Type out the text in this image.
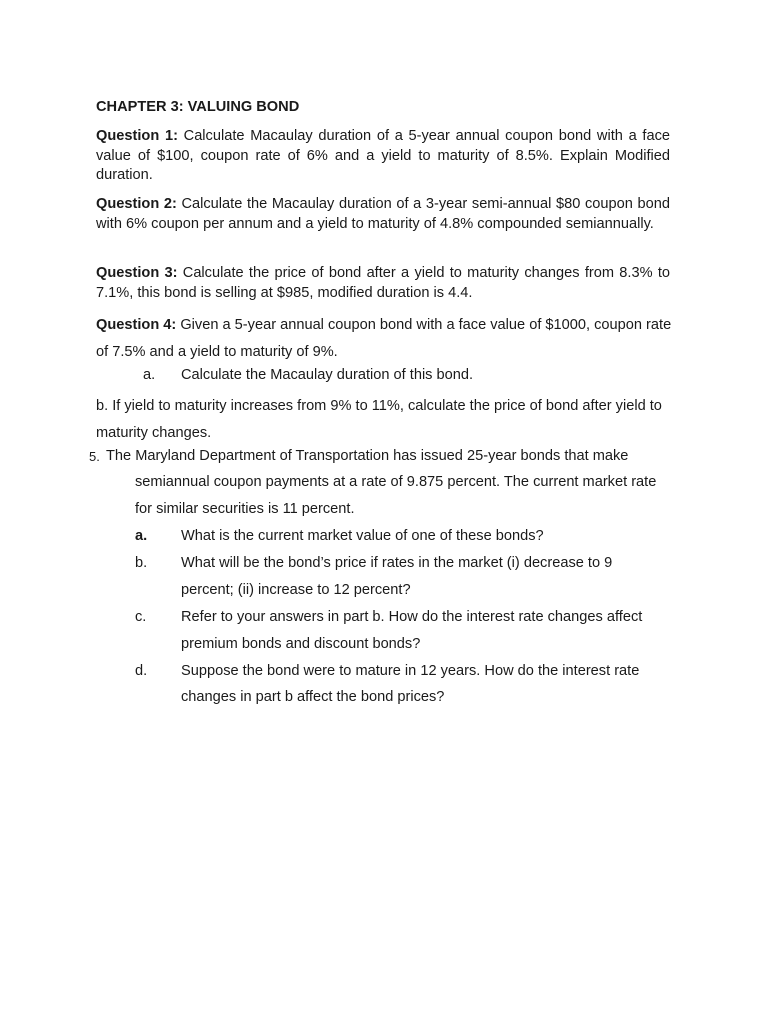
CHAPTER 3: VALUING BOND
Question 1: Calculate Macaulay duration of a 5-year annual coupon bond with a face value of $100, coupon rate of 6% and a yield to maturity of 8.5%. Explain Modified duration.
Question 2: Calculate the Macaulay duration of a 3-year semi-annual $80 coupon bond with 6% coupon per annum and a yield to maturity of 4.8% compounded semiannually.
Question 3: Calculate the price of bond after a yield to maturity changes from 8.3% to 7.1%, this bond is selling at $985, modified duration is 4.4.
Question 4: Given a 5-year annual coupon bond with a face value of $1000, coupon rate of 7.5% and a yield to maturity of 9%.
a. Calculate the Macaulay duration of this bond.
b. If yield to maturity increases from 9% to 11%, calculate the price of bond after yield to maturity changes.
5. The Maryland Department of Transportation has issued 25-year bonds that make
semiannual coupon payments at a rate of 9.875 percent. The current market rate
for similar securities is 11 percent.
a. What is the current market value of one of these bonds?
b. What will be the bond’s price if rates in the market (i) decrease to 9
percent; (ii) increase to 12 percent?
c. Refer to your answers in part b. How do the interest rate changes affect
premium bonds and discount bonds?
d. Suppose the bond were to mature in 12 years. How do the interest rate
changes in part b affect the bond prices?
